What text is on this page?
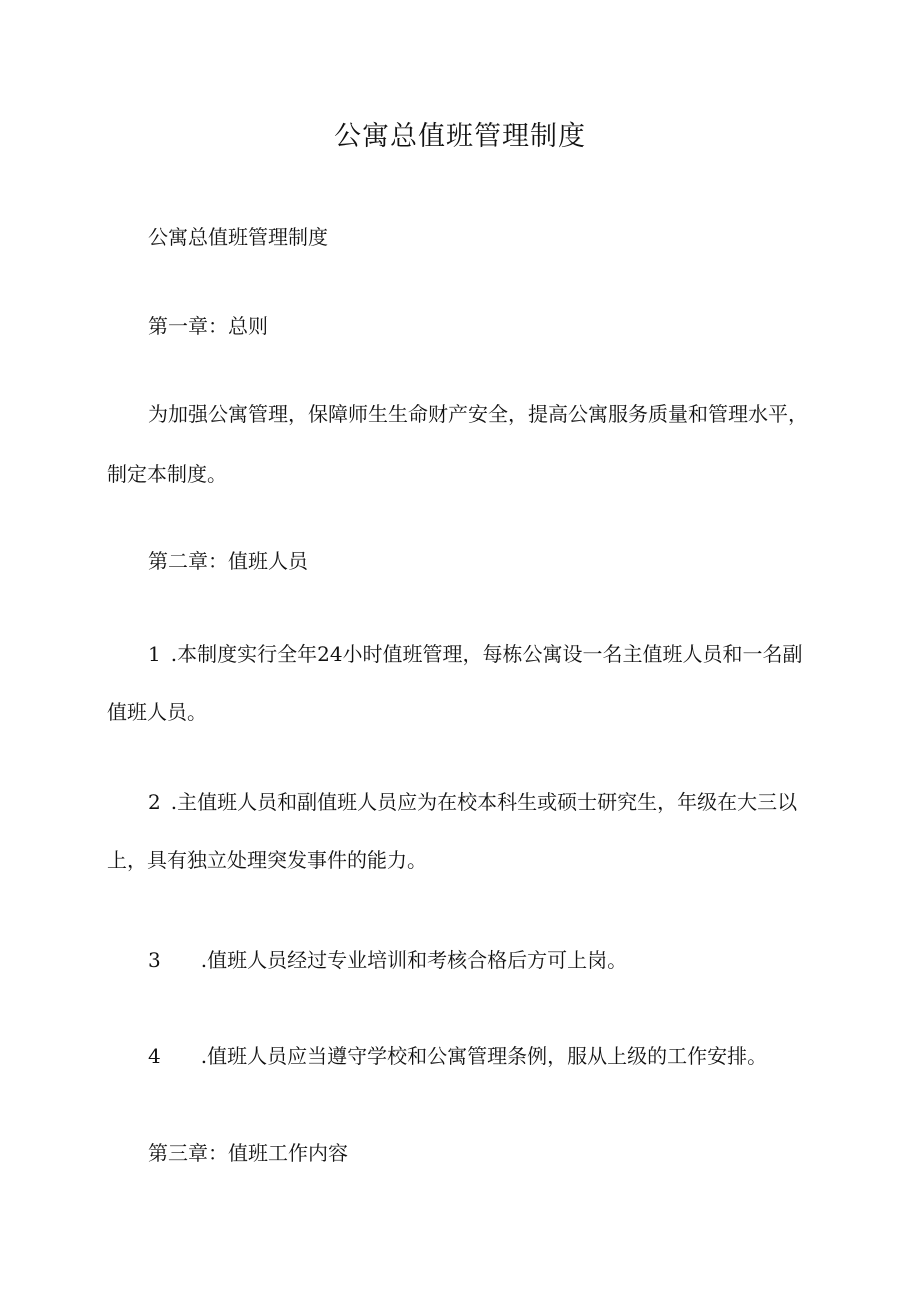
公寓总值班管理制度

公寓总值班管理制度

第一章：总则

为加强公寓管理，保障师生生命财产安全，提高公寓服务质量和管理水平，
制定本制度。

第二章：值班人员

1 .本制度实行全年24小时值班管理，每栋公寓设一名主值班人员和一名副
值班人员。
2 .主值班人员和副值班人员应为在校本科生或硕士研究生，年级在大三以
上，具有独立处理突发事件的能力。
3 .值班人员经过专业培训和考核合格后方可上岗。
4 .值班人员应当遵守学校和公寓管理条例，服从上级的工作安排。

第三章：值班工作内容
